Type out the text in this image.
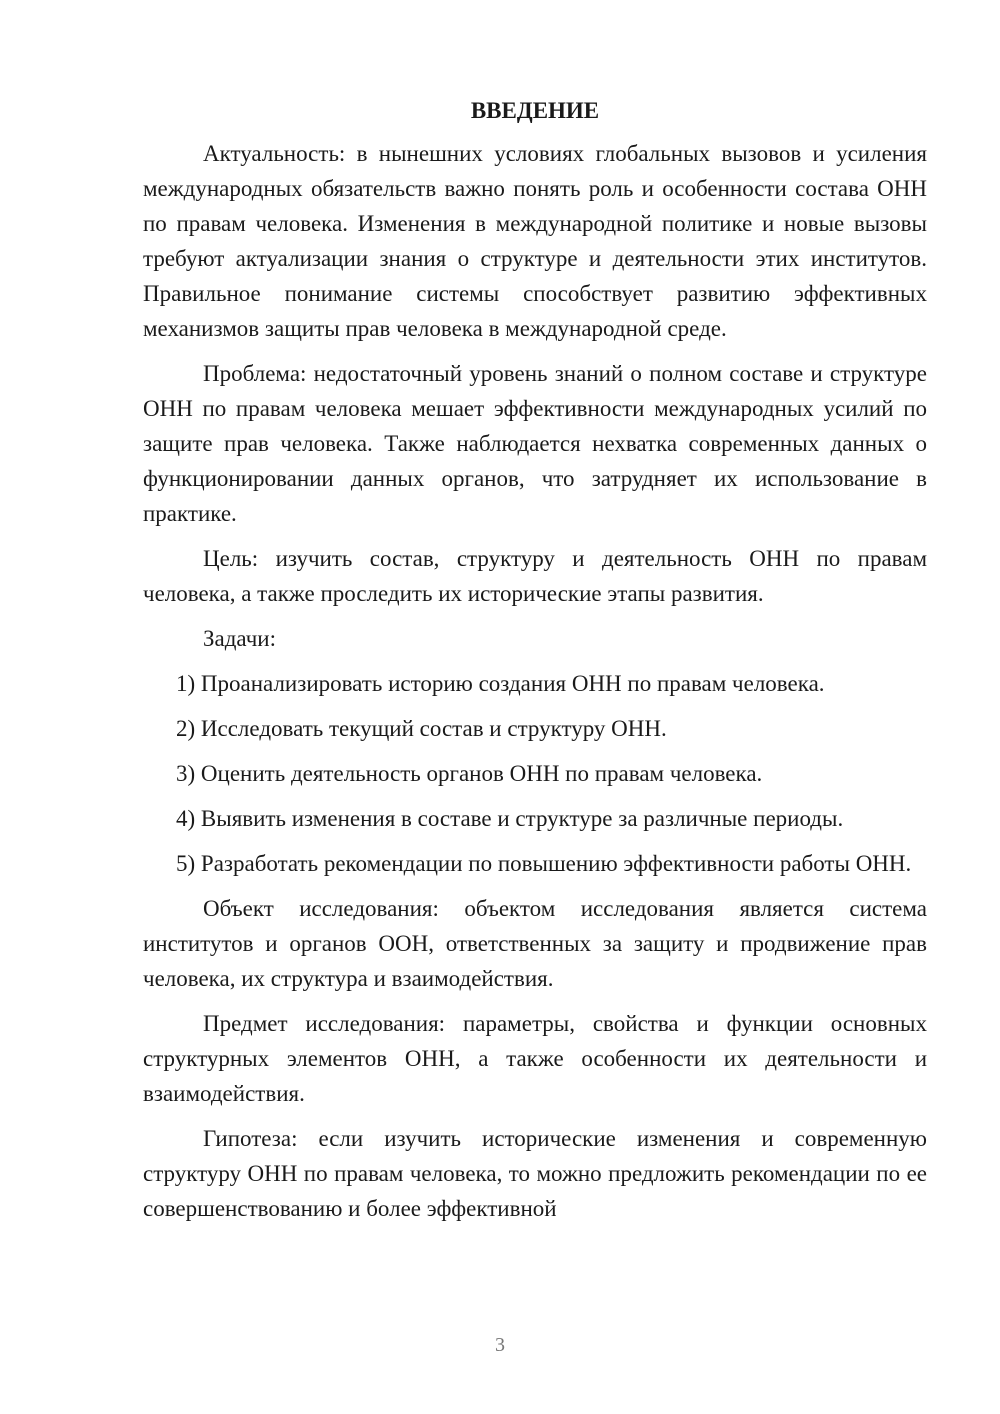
ВВЕДЕНИЕ

Актуальность: в нынешних условиях глобальных вызовов и усиления международных обязательств важно понять роль и особенности состава ОНН по правам человека. Изменения в международной политике и новые вызовы требуют актуализации знания о структуре и деятельности этих институтов. Правильное понимание системы способствует развитию эффективных механизмов защиты прав человека в международной среде.

Проблема: недостаточный уровень знаний о полном составе и структуре ОНН по правам человека мешает эффективности международных усилий по защите прав человека. Также наблюдается нехватка современных данных о функционировании данных органов, что затрудняет их использование в практике.

Цель: изучить состав, структуру и деятельность ОНН по правам человека, а также проследить их исторические этапы развития.

Задачи:

1) Проанализировать историю создания ОНН по правам человека.

2) Исследовать текущий состав и структуру ОНН.

3) Оценить деятельность органов ОНН по правам человека.

4) Выявить изменения в составе и структуре за различные периоды.

5) Разработать рекомендации по повышению эффективности работы ОНН.

Объект исследования: объектом исследования является система институтов и органов ООН, ответственных за защиту и продвижение прав человека, их структура и взаимодействия.

Предмет исследования: параметры, свойства и функции основных структурных элементов ОНН, а также особенности их деятельности и взаимодействия.

Гипотеза: если изучить исторические изменения и современную структуру ОНН по правам человека, то можно предложить рекомендации по ее совершенствованию и более эффективной

3
